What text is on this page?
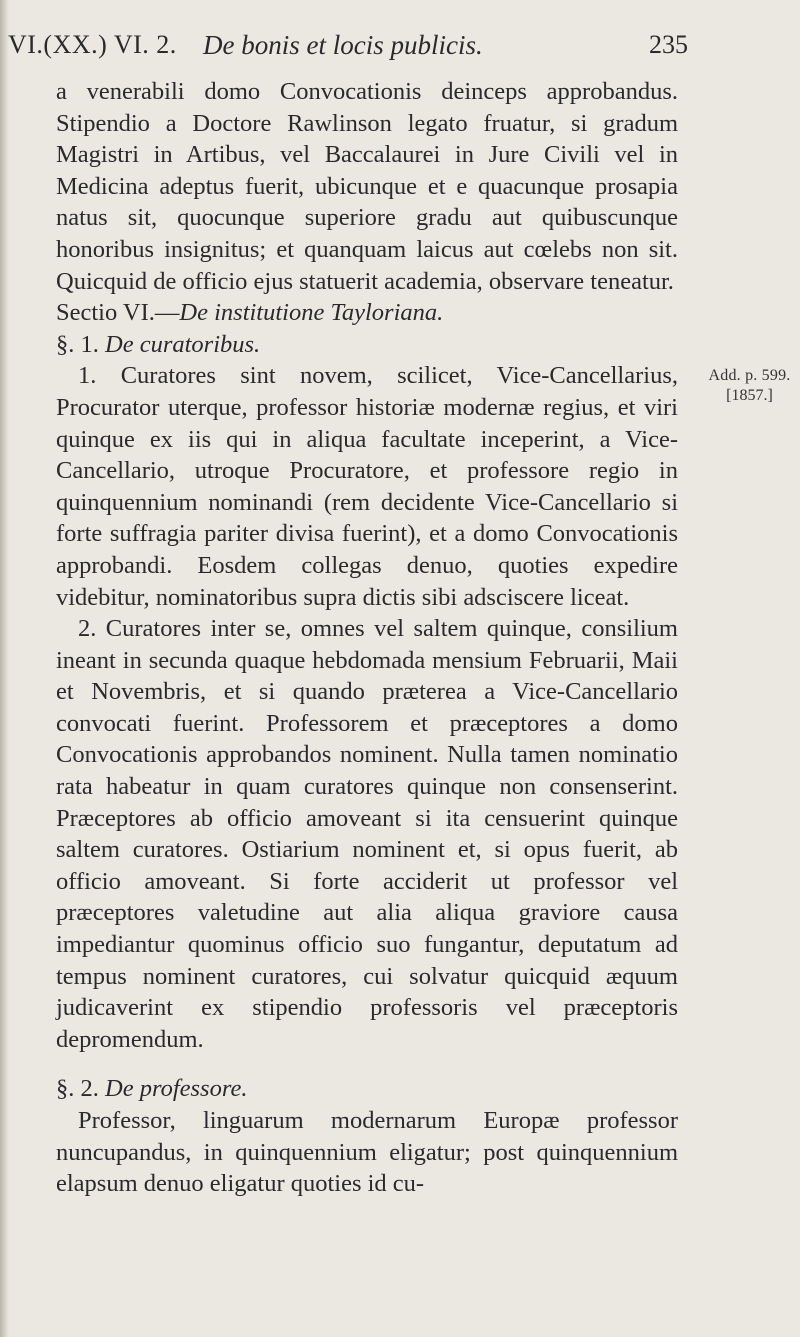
VI.(XX.) VI. 2. De bonis et locis publicis.	235
Add. p. 599.
[1857.]

a venerabili domo Convocationis deinceps approbandus. Stipendio a Doctore Rawlinson legato fruatur, si gradum Magistri in Artibus, vel Baccalaurei in Jure Civili vel in Medicina adeptus fuerit, ubicunque et e quacunque prosapia natus sit, quocunque superiore gradu aut quibuscunque honoribus insignitus; et quanquam laicus aut cœlebs non sit. Quicquid de officio ejus statuerit academia, observare teneatur.

Sectio VI.—De institutione Tayloriana.

§. 1. De curatoribus.

1. Curatores sint novem, scilicet, Vice-Cancellarius, Procurator uterque, professor historiæ modernæ regius, et viri quinque ex iis qui in aliqua facultate inceperint, a Vice-Cancellario, utroque Procuratore, et professore regio in quinquennium nominandi (rem decidente Vice-Cancellario si forte suffragia pariter divisa fuerint), et a domo Convocationis approbandi. Eosdem collegas denuo, quoties expedire videbitur, nominatoribus supra dictis sibi adsciscere liceat.

2. Curatores inter se, omnes vel saltem quinque, consilium ineant in secunda quaque hebdomada mensium Februarii, Maii et Novembris, et si quando præterea a Vice-Cancellario convocati fuerint. Professorem et præceptores a domo Convocationis approbandos nominent. Nulla tamen nominatio rata habeatur in quam curatores quinque non consenserint. Præceptores ab officio amoveant si ita censuerint quinque saltem curatores. Ostiarium nominent et, si opus fuerit, ab officio amoveant. Si forte acciderit ut professor vel præceptores valetudine aut alia aliqua graviore causa impediantur quominus officio suo fungantur, deputatum ad tempus nominent curatores, cui solvatur quicquid æquum judicaverint ex stipendio professoris vel præceptoris depromendum.

§. 2. De professore.

Professor, linguarum modernarum Europæ professor nuncupandus, in quinquennium eligatur; post quinquennium elapsum denuo eligatur quoties id cu-
